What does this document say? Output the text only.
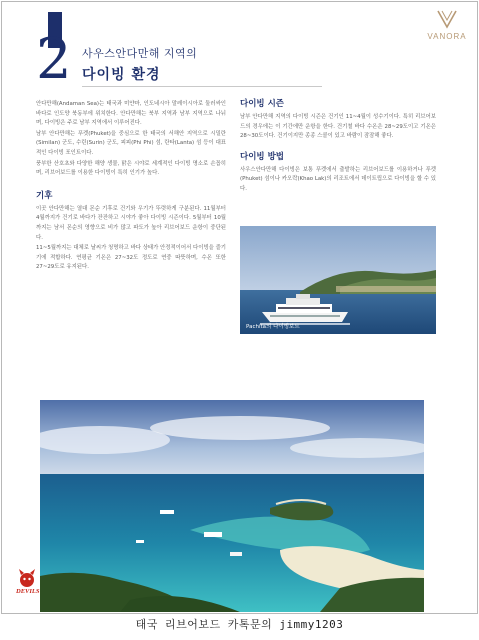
2 사우스안다만해 지역의
다이빙 환경
VANORA

안다만해(Andaman Sea)는 태국과 미얀마, 인도네시아 말레이시아로 둘러싸인 바다로 인도양 북동부에 위치한다. 안다만해는 북부 지역과 남부 지역으로 나뉘며, 다이빙은 주로 남부 지역에서 이루어진다.

남부 안다만해는 푸켓(Phuket)을 중심으로 한 태국의 서해안 지역으로 시밀란(Similan) 군도, 수린(Surin) 군도, 피피(Phi Phi) 섬, 란타(Lanta) 섬 등이 대표적인 다이빙 포인트이다.

풍부한 산호초와 다양한 해양 생물, 맑은 시야로 세계적인 다이빙 명소로 손꼽히며, 리브어보드를 이용한 다이빙이 특히 인기가 높다.

기후

이곳 안다만해는 열대 몬순 기후로 건기와 우기가 뚜렷하게 구분된다. 11월부터 4월까지가 건기로 바다가 잔잔하고 시야가 좋아 다이빙 시즌이다. 5월부터 10월까지는 남서 몬순의 영향으로 비가 많고 파도가 높아 리브어보드 운항이 중단된다.

11~5월까지는 대체로 날씨가 청명하고 바다 상태가 안정적이어서 다이빙을 즐기기에 적합하다. 연평균 기온은 27~32도 정도로 연중 따뜻하며, 수온 또한 27~29도로 유지된다.

다이빙 시즌

남부 안다만해 지역의 다이빙 시즌은 건기인 11~4월이 성수기이다. 특히 리브어보드의 경우에는 이 기간에만 운항을 한다. 건기철 바다 수온은 28~29도이고 기온은 28~30도이다. 건기이지만 종종 스콜이 있고 바람이 잠잠해 좋다.

다이빙 방법

사우스안다만해 다이빙은 보통 푸켓에서 출발하는 리브어보드를 이용하거나 푸켓(Phuket) 섬이나 카오락(Khao Lak)의 리조트에서 데이트립으로 다이빙을 할 수 있다.

Pachita의 다이빙보트
DEVILS
태국 리브어보드 카톡문의 jimmy1203
